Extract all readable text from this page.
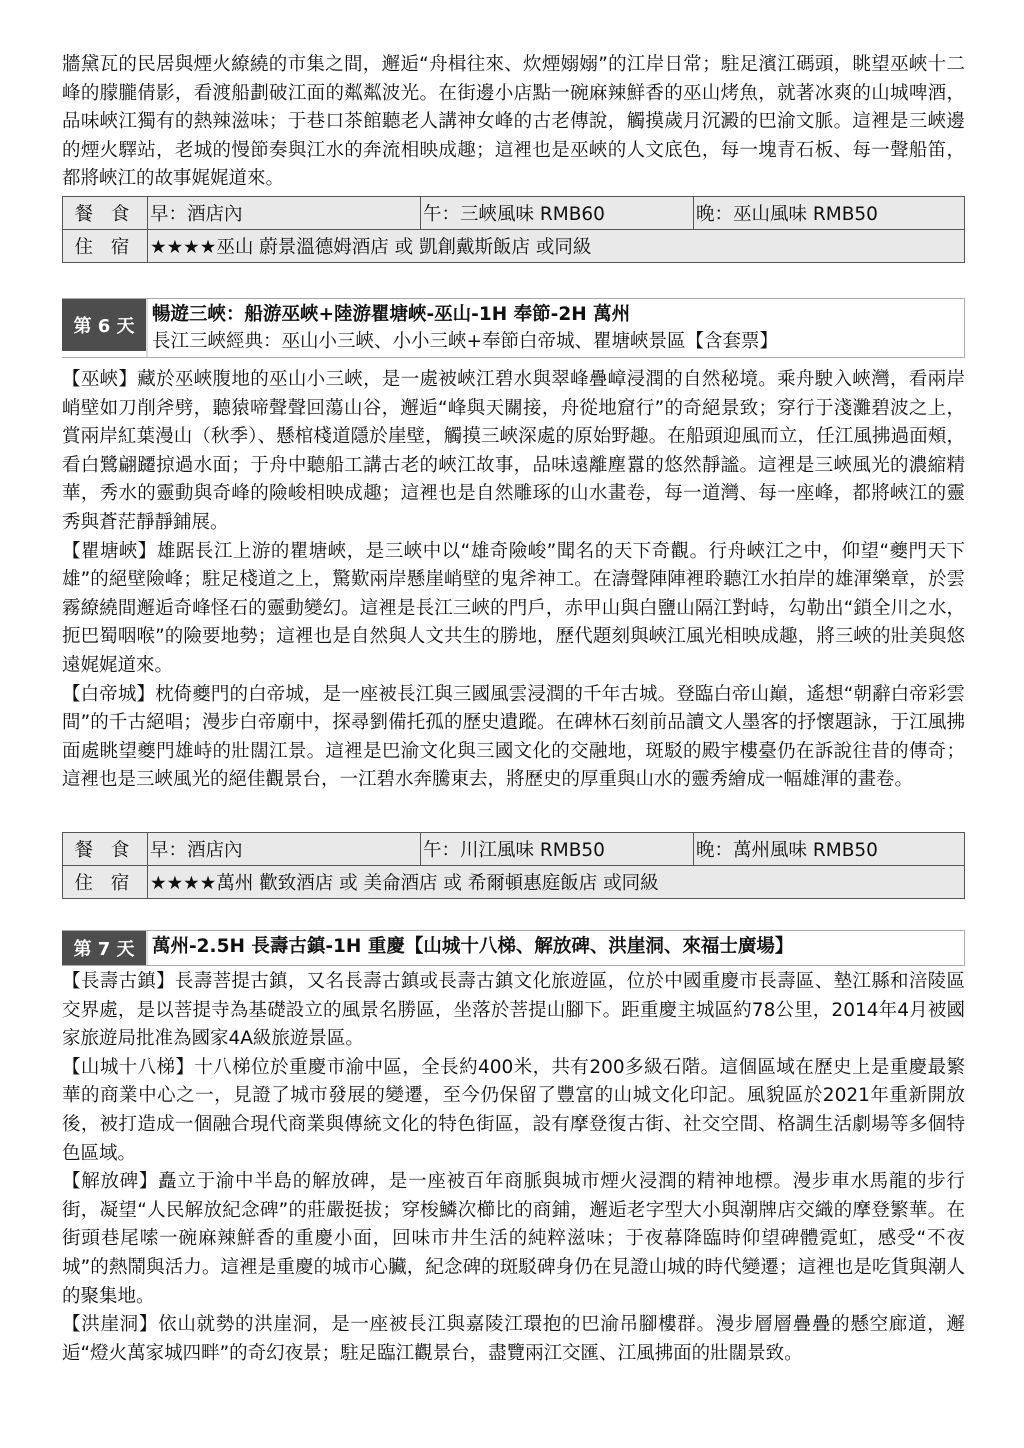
牆黛瓦的民居與煙火繚繞的市集之間，邂逅“舟楫往來、炊煙嫋嫋”的江岸日常；駐足濱江碼頭，眺望巫峽十二峰的朦朧倩影，看渡船劃破江面的粼粼波光。在街邊小店點一碗麻辣鮮香的巫山烤魚，就著冰爽的山城啤酒，品味峽江獨有的熱辣滋味；于巷口茶館聽老人講神女峰的古老傳說，觸摸歲月沉澱的巴渝文脈。這裡是三峽邊的煙火驛站，老城的慢節奏與江水的奔流相映成趣；這裡也是巫峽的人文底色，每一塊青石板、每一聲船笛，都將峽江的故事娓娓道來。

餐 食	早：酒店內	午：三峽風味 RMB60	晚：巫山風味 RMB50
住 宿	★★★★巫山 蔚景溫德姆酒店 或 凱創戴斯飯店 或同級		
第 6 天
暢遊三峽：船游巫峽+陸游瞿塘峽-巫山-1H 奉節-2H 萬州
長江三峽經典：巫山小三峽、小小三峽+奉節白帝城、瞿塘峽景區【含套票】

【巫峽】藏於巫峽腹地的巫山小三峽，是一處被峽江碧水與翠峰疊嶂浸潤的自然秘境。乘舟駛入峽灣，看兩岸峭壁如刀削斧劈，聽猿啼聲聲回蕩山谷，邂逅“峰與天關接，舟從地窟行”的奇絕景致；穿行于淺灘碧波之上，賞兩岸紅葉漫山（秋季）、懸棺棧道隱於崖壁，觸摸三峽深處的原始野趣。在船頭迎風而立，任江風拂過面頰，看白鷺翩躚掠過水面；于舟中聽船工講古老的峽江故事，品味遠離塵囂的悠然靜謐。這裡是三峽風光的濃縮精華，秀水的靈動與奇峰的險峻相映成趣；這裡也是自然雕琢的山水畫卷，每一道灣、每一座峰，都將峽江的靈秀與蒼茫靜靜鋪展。

【瞿塘峽】雄踞長江上游的瞿塘峽，是三峽中以“雄奇險峻”聞名的天下奇觀。行舟峽江之中，仰望“夔門天下雄”的絕壁險峰；駐足棧道之上，驚歎兩岸懸崖峭壁的鬼斧神工。在濤聲陣陣裡聆聽江水拍岸的雄渾樂章，於雲霧繚繞間邂逅奇峰怪石的靈動變幻。這裡是長江三峽的門戶，赤甲山與白鹽山隔江對峙，勾勒出“鎖全川之水，扼巴蜀咽喉”的險要地勢；這裡也是自然與人文共生的勝地，歷代題刻與峽江風光相映成趣，將三峽的壯美與悠遠娓娓道來。

【白帝城】枕倚夔門的白帝城，是一座被長江與三國風雲浸潤的千年古城。登臨白帝山巔，遙想“朝辭白帝彩雲間”的千古絕唱；漫步白帝廟中，探尋劉備托孤的歷史遺蹤。在碑林石刻前品讀文人墨客的抒懷題詠，于江風拂面處眺望夔門雄峙的壯闊江景。這裡是巴渝文化與三國文化的交融地，斑駁的殿宇樓臺仍在訴說往昔的傳奇；這裡也是三峽風光的絕佳觀景台，一江碧水奔騰東去，將歷史的厚重與山水的靈秀繪成一幅雄渾的畫卷。

餐 食	早：酒店內	午：川江風味 RMB50	晚：萬州風味 RMB50
住 宿	★★★★萬州 歡致酒店 或 美侖酒店 或 希爾頓惠庭飯店 或同級		
第 7 天 萬州-2.5H 長壽古鎮-1H 重慶【山城十八梯、解放碑、洪崖洞、來福士廣場】

【長壽古鎮】長壽菩提古鎮，又名長壽古鎮或長壽古鎮文化旅遊區，位於中國重慶市長壽區、墊江縣和涪陵區交界處，是以菩提寺為基礎設立的風景名勝區，坐落於菩提山腳下。距重慶主城區約78公里，2014年4月被國家旅遊局批准為國家4A級旅遊景區。

【山城十八梯】十八梯位於重慶市渝中區，全長約400米，共有200多級石階。這個區域在歷史上是重慶最繁華的商業中心之一，見證了城市發展的變遷，至今仍保留了豐富的山城文化印記。風貌區於2021年重新開放後，被打造成一個融合現代商業與傳統文化的特色街區，設有摩登復古街、社交空間、格調生活劇場等多個特色區域。

【解放碑】矗立于渝中半島的解放碑，是一座被百年商脈與城市煙火浸潤的精神地標。漫步車水馬龍的步行街，凝望“人民解放紀念碑”的莊嚴挺拔；穿梭鱗次櫛比的商鋪，邂逅老字型大小與潮牌店交織的摩登繁華。在街頭巷尾嗦一碗麻辣鮮香的重慶小面，回味市井生活的純粹滋味；于夜幕降臨時仰望碑體霓虹，感受“不夜城”的熱鬧與活力。這裡是重慶的城市心臟，紀念碑的斑駁碑身仍在見證山城的時代變遷；這裡也是吃貨與潮人的聚集地。

【洪崖洞】依山就勢的洪崖洞，是一座被長江與嘉陵江環抱的巴渝吊腳樓群。漫步層層疊疊的懸空廊道，邂逅“燈火萬家城四畔”的奇幻夜景；駐足臨江觀景台，盡覽兩江交匯、江風拂面的壯闊景致。
